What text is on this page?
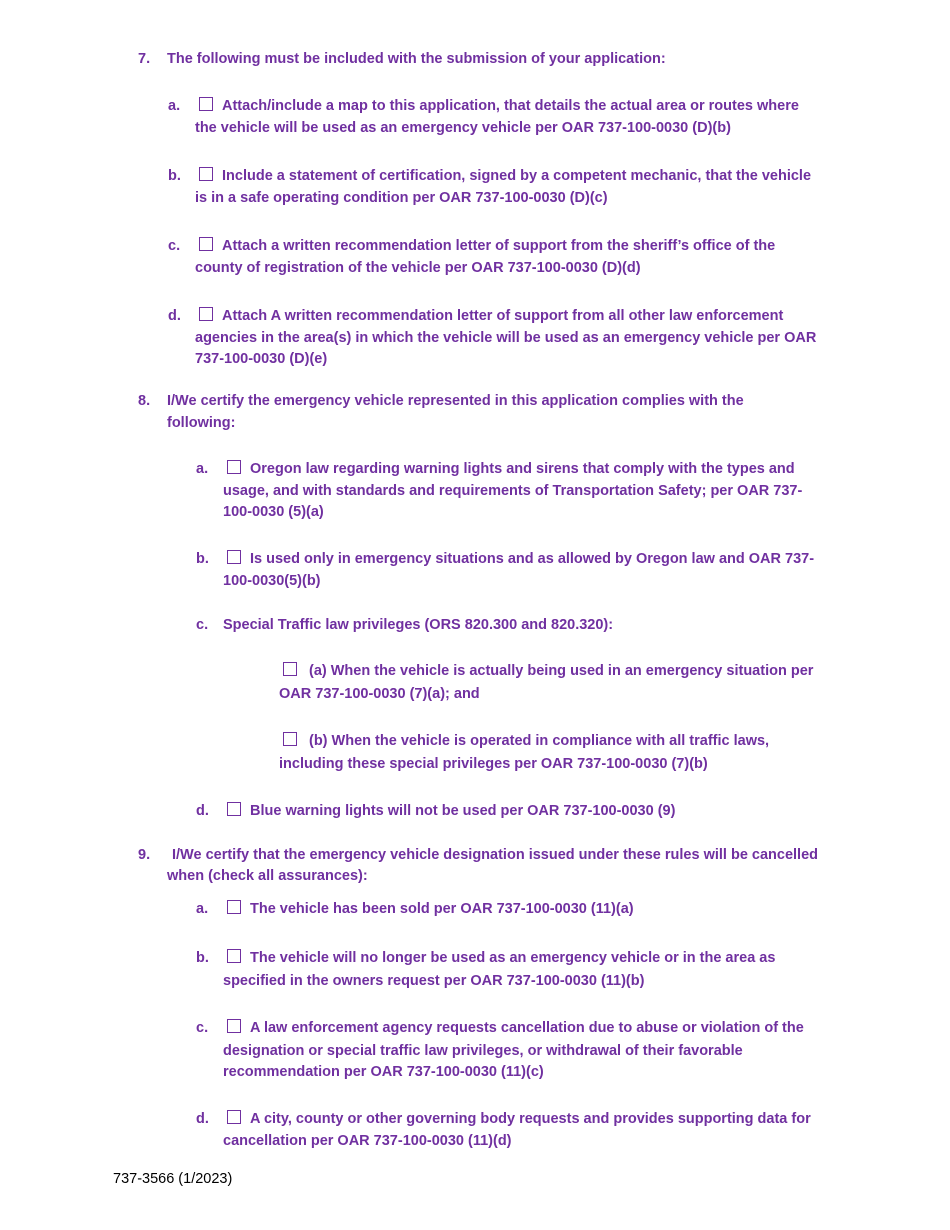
7. The following must be included with the submission of your application:
a.	Attach/include a map to this application, that details the actual area or routes where
the vehicle will be used as an emergency vehicle per OAR 737-100-0030 (D)(b)
b.	Include a statement of certification, signed by a competent mechanic, that the vehicle
is in a safe operating condition per OAR 737-100-0030 (D)(c)
c.	Attach a written recommendation letter of support from the sheriff’s office of the
county of registration of the vehicle per OAR 737-100-0030 (D)(d)
d.	Attach A written recommendation letter of support from all other law enforcement
agencies in the area(s) in which the vehicle will be used as an emergency vehicle per OAR
737-100-0030 (D)(e)
8. I/We certify the emergency vehicle represented in this application complies with the
following:
a.	Oregon law regarding warning lights and sirens that comply with the types and
usage, and with standards and requirements of Transportation Safety; per OAR 737-
100-0030 (5)(a)
b.	Is used only in emergency situations and as allowed by Oregon law and OAR 737-
100-0030(5)(b)
c. Special Traffic law privileges (ORS 820.300 and 820.320):
(a) When the vehicle is actually being used in an emergency situation per
OAR 737-100-0030 (7)(a); and
(b) When the vehicle is operated in compliance with all traffic laws,
including these special privileges per OAR 737-100-0030 (7)(b)
d.	Blue warning lights will not be used per OAR 737-100-0030 (9)
9. I/We certify that the emergency vehicle designation issued under these rules will be cancelled
when (check all assurances):
a.	The vehicle has been sold per OAR 737-100-0030 (11)(a)
b.	The vehicle will no longer be used as an emergency vehicle or in the area as
specified in the owners request per OAR 737-100-0030 (11)(b)
c.	A law enforcement agency requests cancellation due to abuse or violation of the
designation or special traffic law privileges, or withdrawal of their favorable
recommendation per OAR 737-100-0030 (11)(c)
d.	A city, county or other governing body requests and provides supporting data for
cancellation per OAR 737-100-0030 (11)(d)
737-3566 (1/2023)
